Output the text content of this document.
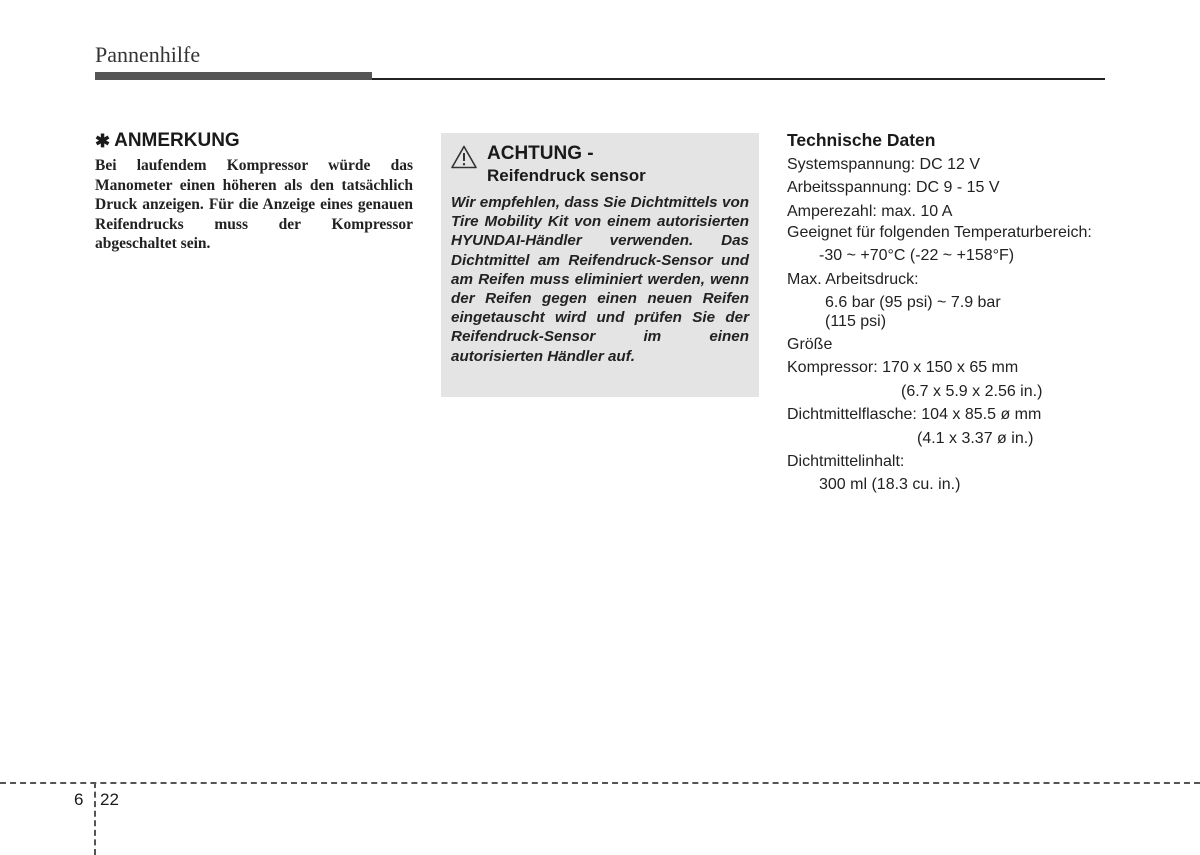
Pannenhilfe
✱ ANMERKUNG

Bei laufendem Kompressor würde das Manometer einen höheren als den tatsächlich Druck anzeigen. Für die Anzeige eines genauen Reifendrucks muss der Kompressor abgeschaltet sein.

ACHTUNG -
Reifendruck sensor

Wir empfehlen, dass Sie Dichtmittels von Tire Mobility Kit von einem autorisierten HYUNDAI-Händler verwenden. Das Dichtmittel am Reifendruck-Sensor und am Reifen muss eliminiert werden, wenn der Reifen gegen einen neuen Reifen eingetauscht wird und prüfen Sie der Reifendruck-Sensor im einen autorisierten Händler auf.

Technische Daten
Systemspannung: DC 12 V
Arbeitsspannung: DC 9 - 15 V
Amperezahl: max. 10 A
Geeignet für folgenden Temperaturbereich:
-30 ~ +70°C (-22 ~ +158°F)
Max. Arbeitsdruck:
6.6 bar (95 psi) ~ 7.9 bar
(115 psi)
Größe
Kompressor: 170 x 150 x 65 mm
(6.7 x 5.9 x 2.56 in.)
Dichtmittelflasche: 104 x 85.5 ø mm
(4.1 x 3.37 ø in.)
Dichtmittelinhalt:
300 ml (18.3 cu. in.)
6 22
